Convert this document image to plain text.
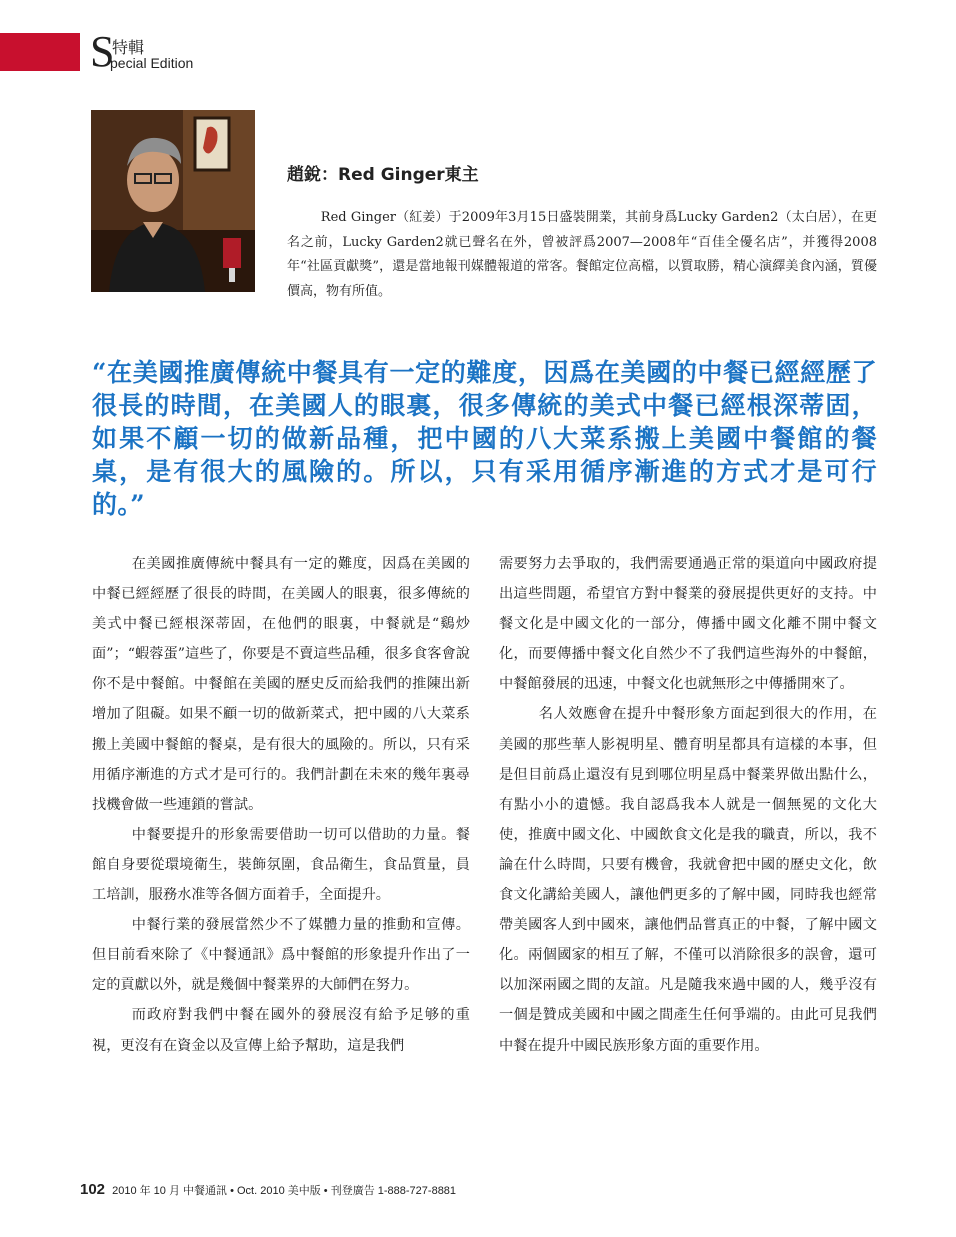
S
特輯
pecial Edition
趙銳：Red Ginger東主

Red Ginger（紅姜）于2009年3月15日盛裝開業，其前身爲Lucky Garden2（太白居），在更名之前，Lucky Garden2就已聲名在外，曾被評爲2007—2008年“百佳全優名店”，并獲得2008年“社區貢獻獎”，還是當地報刊媒體報道的常客。餐館定位高檔，以質取勝，精心演繹美食內涵，質優價高，物有所值。

“在美國推廣傳統中餐具有一定的難度，因爲在美國的中餐已經經歷了很長的時間，在美國人的眼裏，很多傳統的美式中餐已經根深蒂固，如果不顧一切的做新品種，把中國的八大菜系搬上美國中餐館的餐桌，是有很大的風險的。所以，只有采用循序漸進的方式才是可行的。”

在美國推廣傳統中餐具有一定的難度，因爲在美國的中餐已經經歷了很長的時間，在美國人的眼裏，很多傳統的美式中餐已經根深蒂固，在他們的眼裏，中餐就是“鷄炒面”；“蝦蓉蛋”這些了，你要是不賣這些品種，很多食客會說你不是中餐館。中餐館在美國的歷史反而給我們的推陳出新增加了阻礙。如果不顧一切的做新菜式，把中國的八大菜系搬上美國中餐館的餐桌，是有很大的風險的。所以，只有采用循序漸進的方式才是可行的。我們計劃在未來的幾年裏尋找機會做一些連鎖的嘗試。

中餐要提升的形象需要借助一切可以借助的力量。餐館自身要從環境衛生，裝飾氛圍，食品衛生，食品質量，員工培訓，服務水准等各個方面着手，全面提升。

中餐行業的發展當然少不了媒體力量的推動和宣傳。但目前看來除了《中餐通訊》爲中餐館的形象提升作出了一定的貢獻以外，就是幾個中餐業界的大師們在努力。

而政府對我們中餐在國外的發展沒有給予足够的重視，更沒有在資金以及宣傳上給予幫助，這是我們

需要努力去爭取的，我們需要通過正常的渠道向中國政府提出這些問題，希望官方對中餐業的發展提供更好的支持。中餐文化是中國文化的一部分，傳播中國文化離不開中餐文化，而要傳播中餐文化自然少不了我們這些海外的中餐館，中餐館發展的迅速，中餐文化也就無形之中傳播開來了。

名人效應會在提升中餐形象方面起到很大的作用，在美國的那些華人影視明星、體育明星都具有這樣的本事，但是但目前爲止還沒有見到哪位明星爲中餐業界做出點什么，有點小小的遺憾。我自認爲我本人就是一個無冕的文化大使，推廣中國文化、中國飲食文化是我的職責，所以，我不論在什么時間，只要有機會，我就會把中國的歷史文化，飲食文化講給美國人，讓他們更多的了解中國，同時我也經常帶美國客人到中國來，讓他們品嘗真正的中餐，了解中國文化。兩個國家的相互了解，不僅可以消除很多的誤會，還可以加深兩國之間的友誼。凡是隨我來過中國的人，幾乎沒有一個是贊成美國和中國之間產生任何爭端的。由此可見我們中餐在提升中國民族形象方面的重要作用。

102 2010 年 10 月 中餐通訊 • Oct. 2010 美中版 • 刊登廣告 1-888-727-8881
